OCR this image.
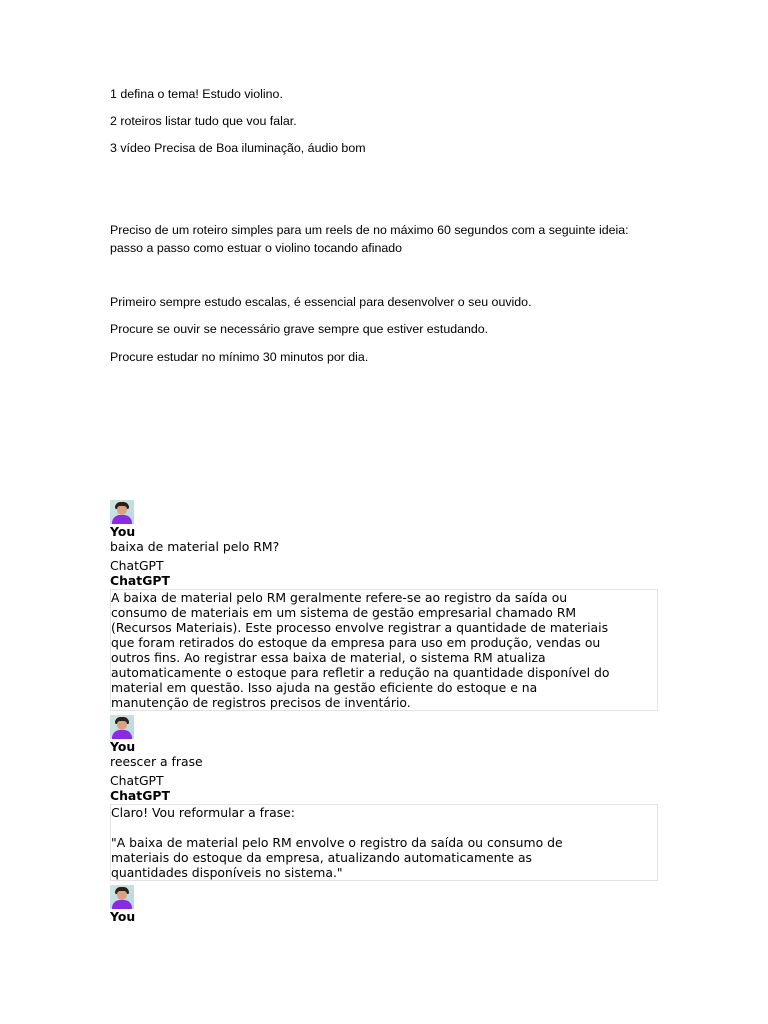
1 defina o tema! Estudo violino.

2 roteiros listar tudo que vou falar.

3 vídeo Precisa de Boa iluminação, áudio bom

Preciso de um roteiro simples para um reels de no máximo 60 segundos com a seguinte ideia:

passo a passo como estuar o violino tocando afinado

Primeiro sempre estudo escalas, é essencial para desenvolver o seu ouvido.

Procure se ouvir se necessário grave sempre que estiver estudando.

Procure estudar no mínimo 30 minutos por dia.

You
baixa de material pelo RM?
ChatGPT
ChatGPT

A baixa de material pelo RM geralmente refere-se ao registro da saída ou

consumo de materiais em um sistema de gestão empresarial chamado RM

(Recursos Materiais). Este processo envolve registrar a quantidade de materiais

que foram retirados do estoque da empresa para uso em produção, vendas ou

outros fins. Ao registrar essa baixa de material, o sistema RM atualiza

automaticamente o estoque para refletir a redução na quantidade disponível do

material em questão. Isso ajuda na gestão eficiente do estoque e na

manutenção de registros precisos de inventário.

You
reescer a frase
ChatGPT
ChatGPT

Claro! Vou reformular a frase:

"A baixa de material pelo RM envolve o registro da saída ou consumo de

materiais do estoque da empresa, atualizando automaticamente as

quantidades disponíveis no sistema."

You
